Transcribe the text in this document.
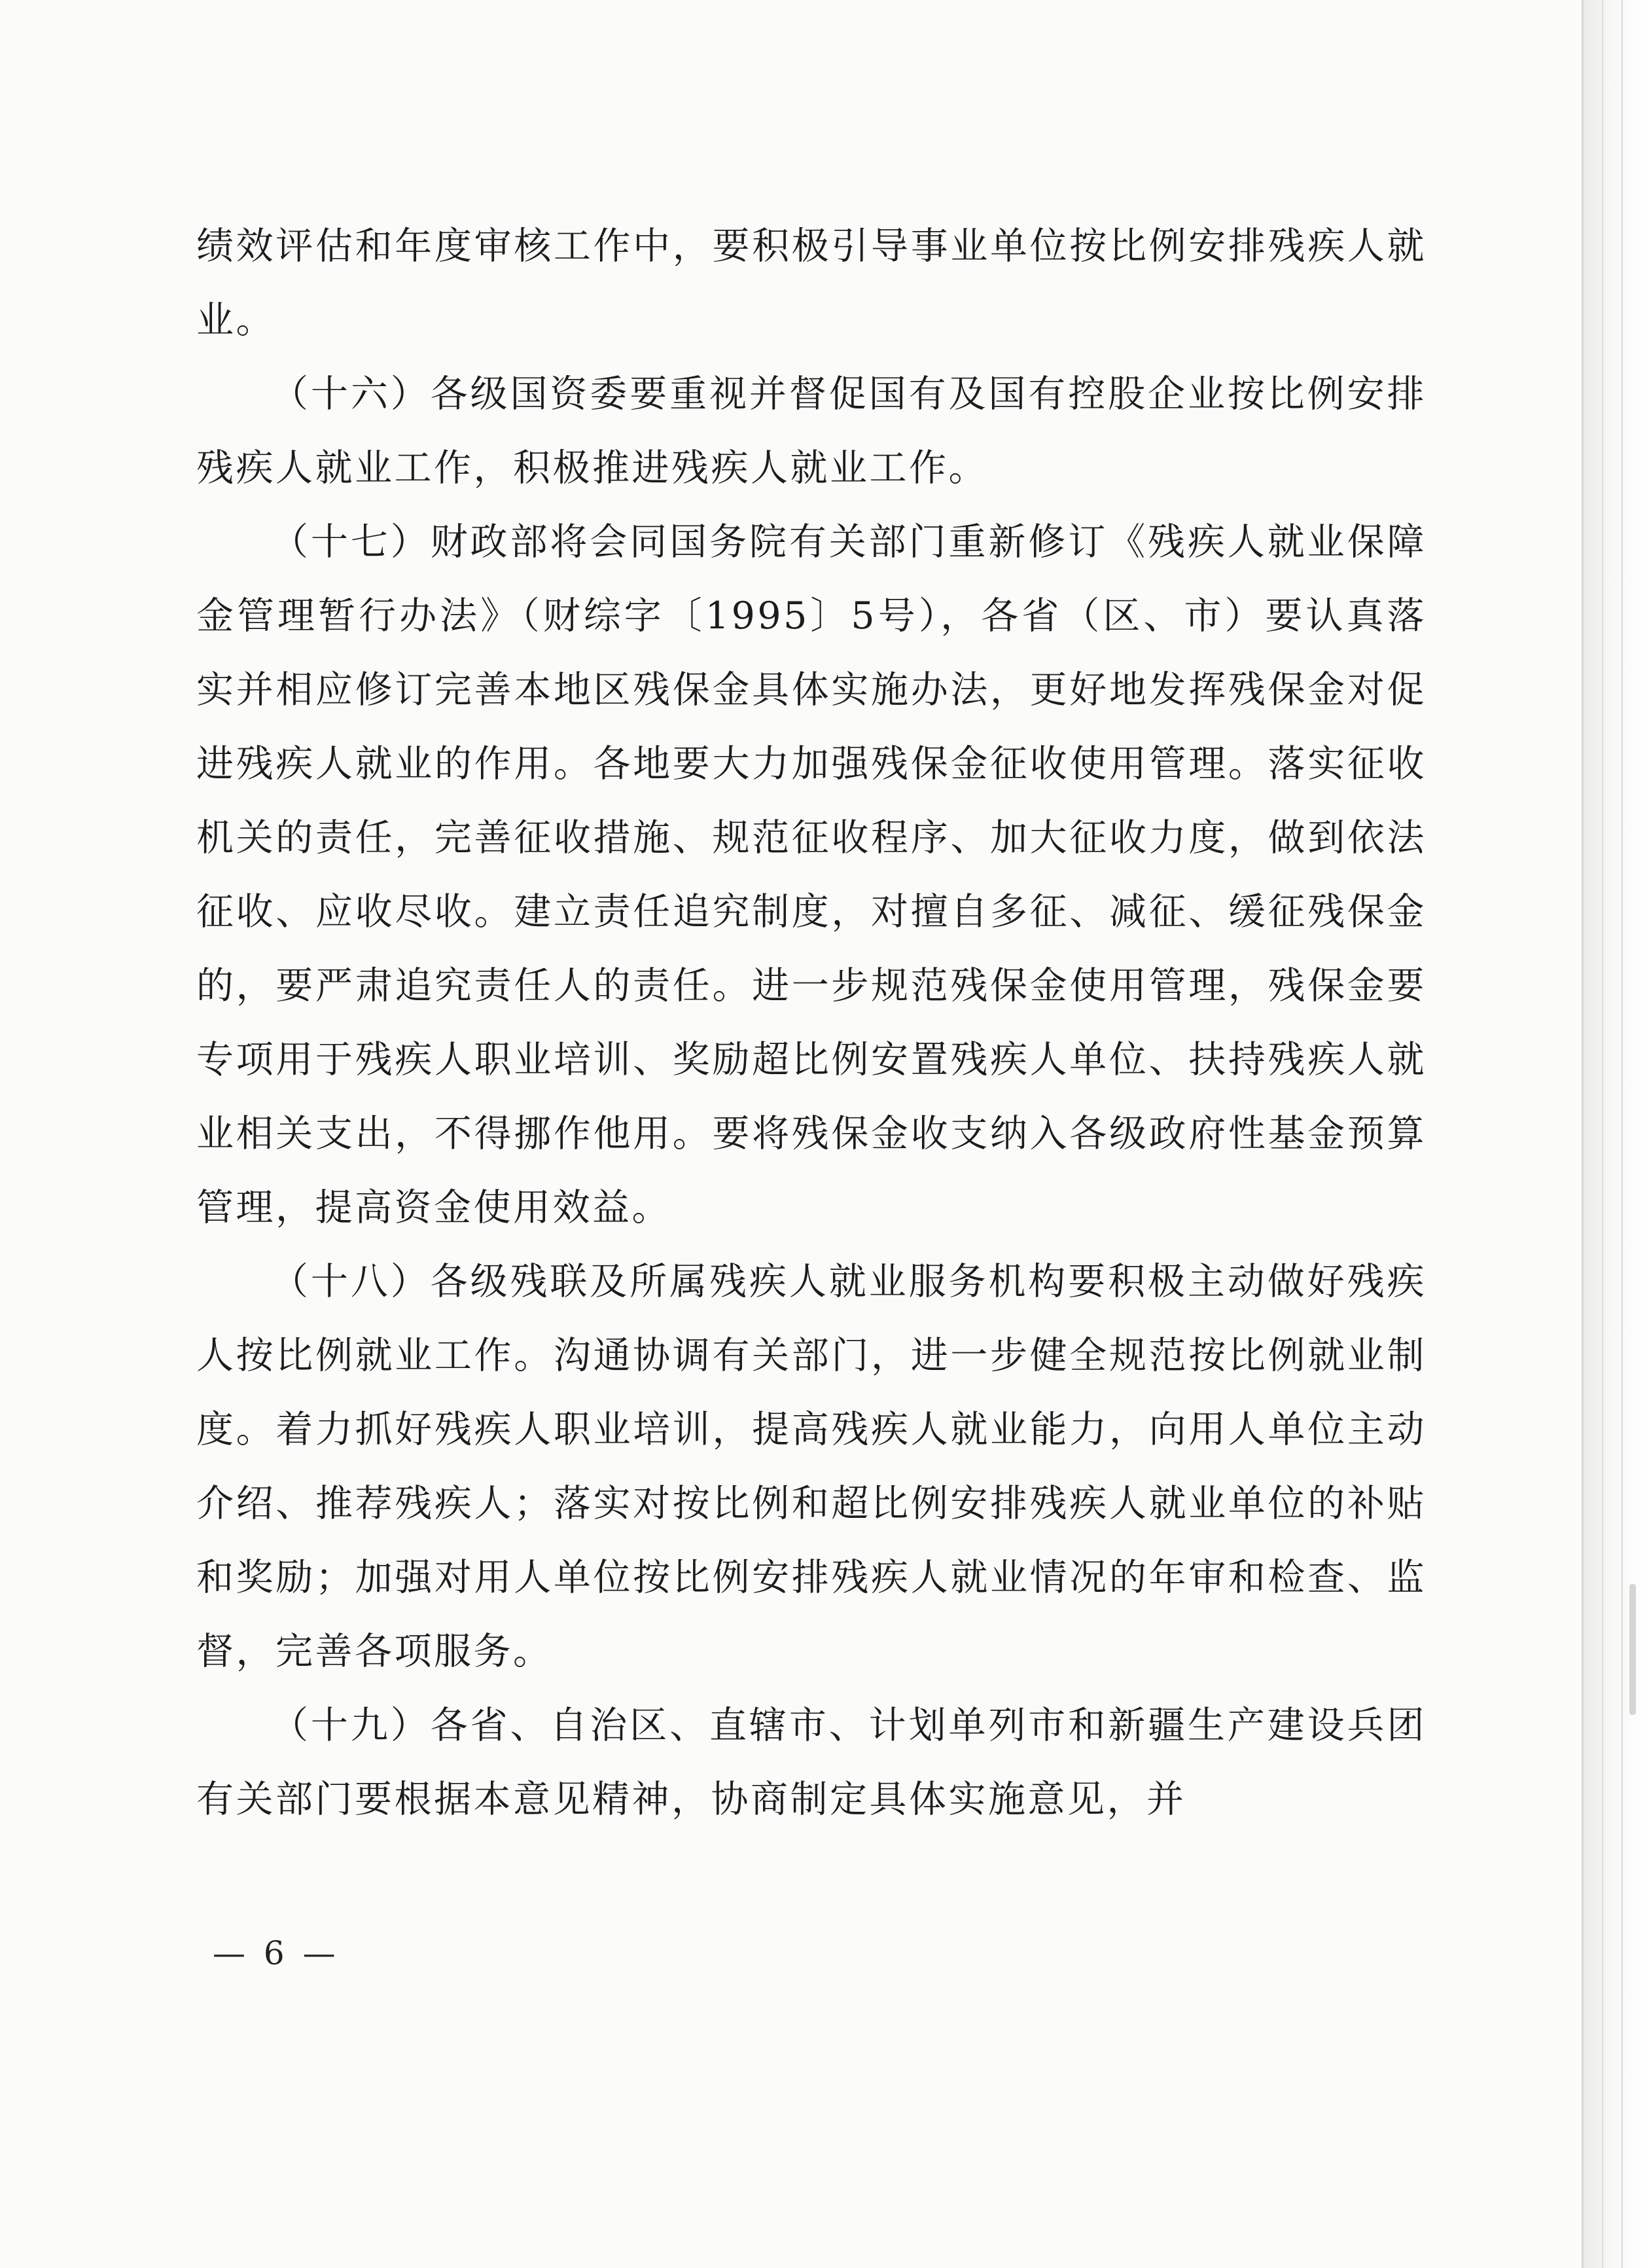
绩效评估和年度审核工作中，要积极引导事业单位按比例安排残疾人就业。

（十六）各级国资委要重视并督促国有及国有控股企业按比例安排残疾人就业工作，积极推进残疾人就业工作。

（十七）财政部将会同国务院有关部门重新修订《残疾人就业保障金管理暂行办法》（财综字〔1995〕5号），各省（区、市）要认真落实并相应修订完善本地区残保金具体实施办法，更好地发挥残保金对促进残疾人就业的作用。各地要大力加强残保金征收使用管理。落实征收机关的责任，完善征收措施、规范征收程序、加大征收力度，做到依法征收、应收尽收。建立责任追究制度，对擅自多征、减征、缓征残保金的，要严肃追究责任人的责任。进一步规范残保金使用管理，残保金要专项用于残疾人职业培训、奖励超比例安置残疾人单位、扶持残疾人就业相关支出，不得挪作他用。要将残保金收支纳入各级政府性基金预算管理，提高资金使用效益。

（十八）各级残联及所属残疾人就业服务机构要积极主动做好残疾人按比例就业工作。沟通协调有关部门，进一步健全规范按比例就业制度。着力抓好残疾人职业培训，提高残疾人就业能力，向用人单位主动介绍、推荐残疾人；落实对按比例和超比例安排残疾人就业单位的补贴和奖励；加强对用人单位按比例安排残疾人就业情况的年审和检查、监督，完善各项服务。

（十九）各省、自治区、直辖市、计划单列市和新疆生产建设兵团有关部门要根据本意见精神，协商制定具体实施意见，并

— 6 —
